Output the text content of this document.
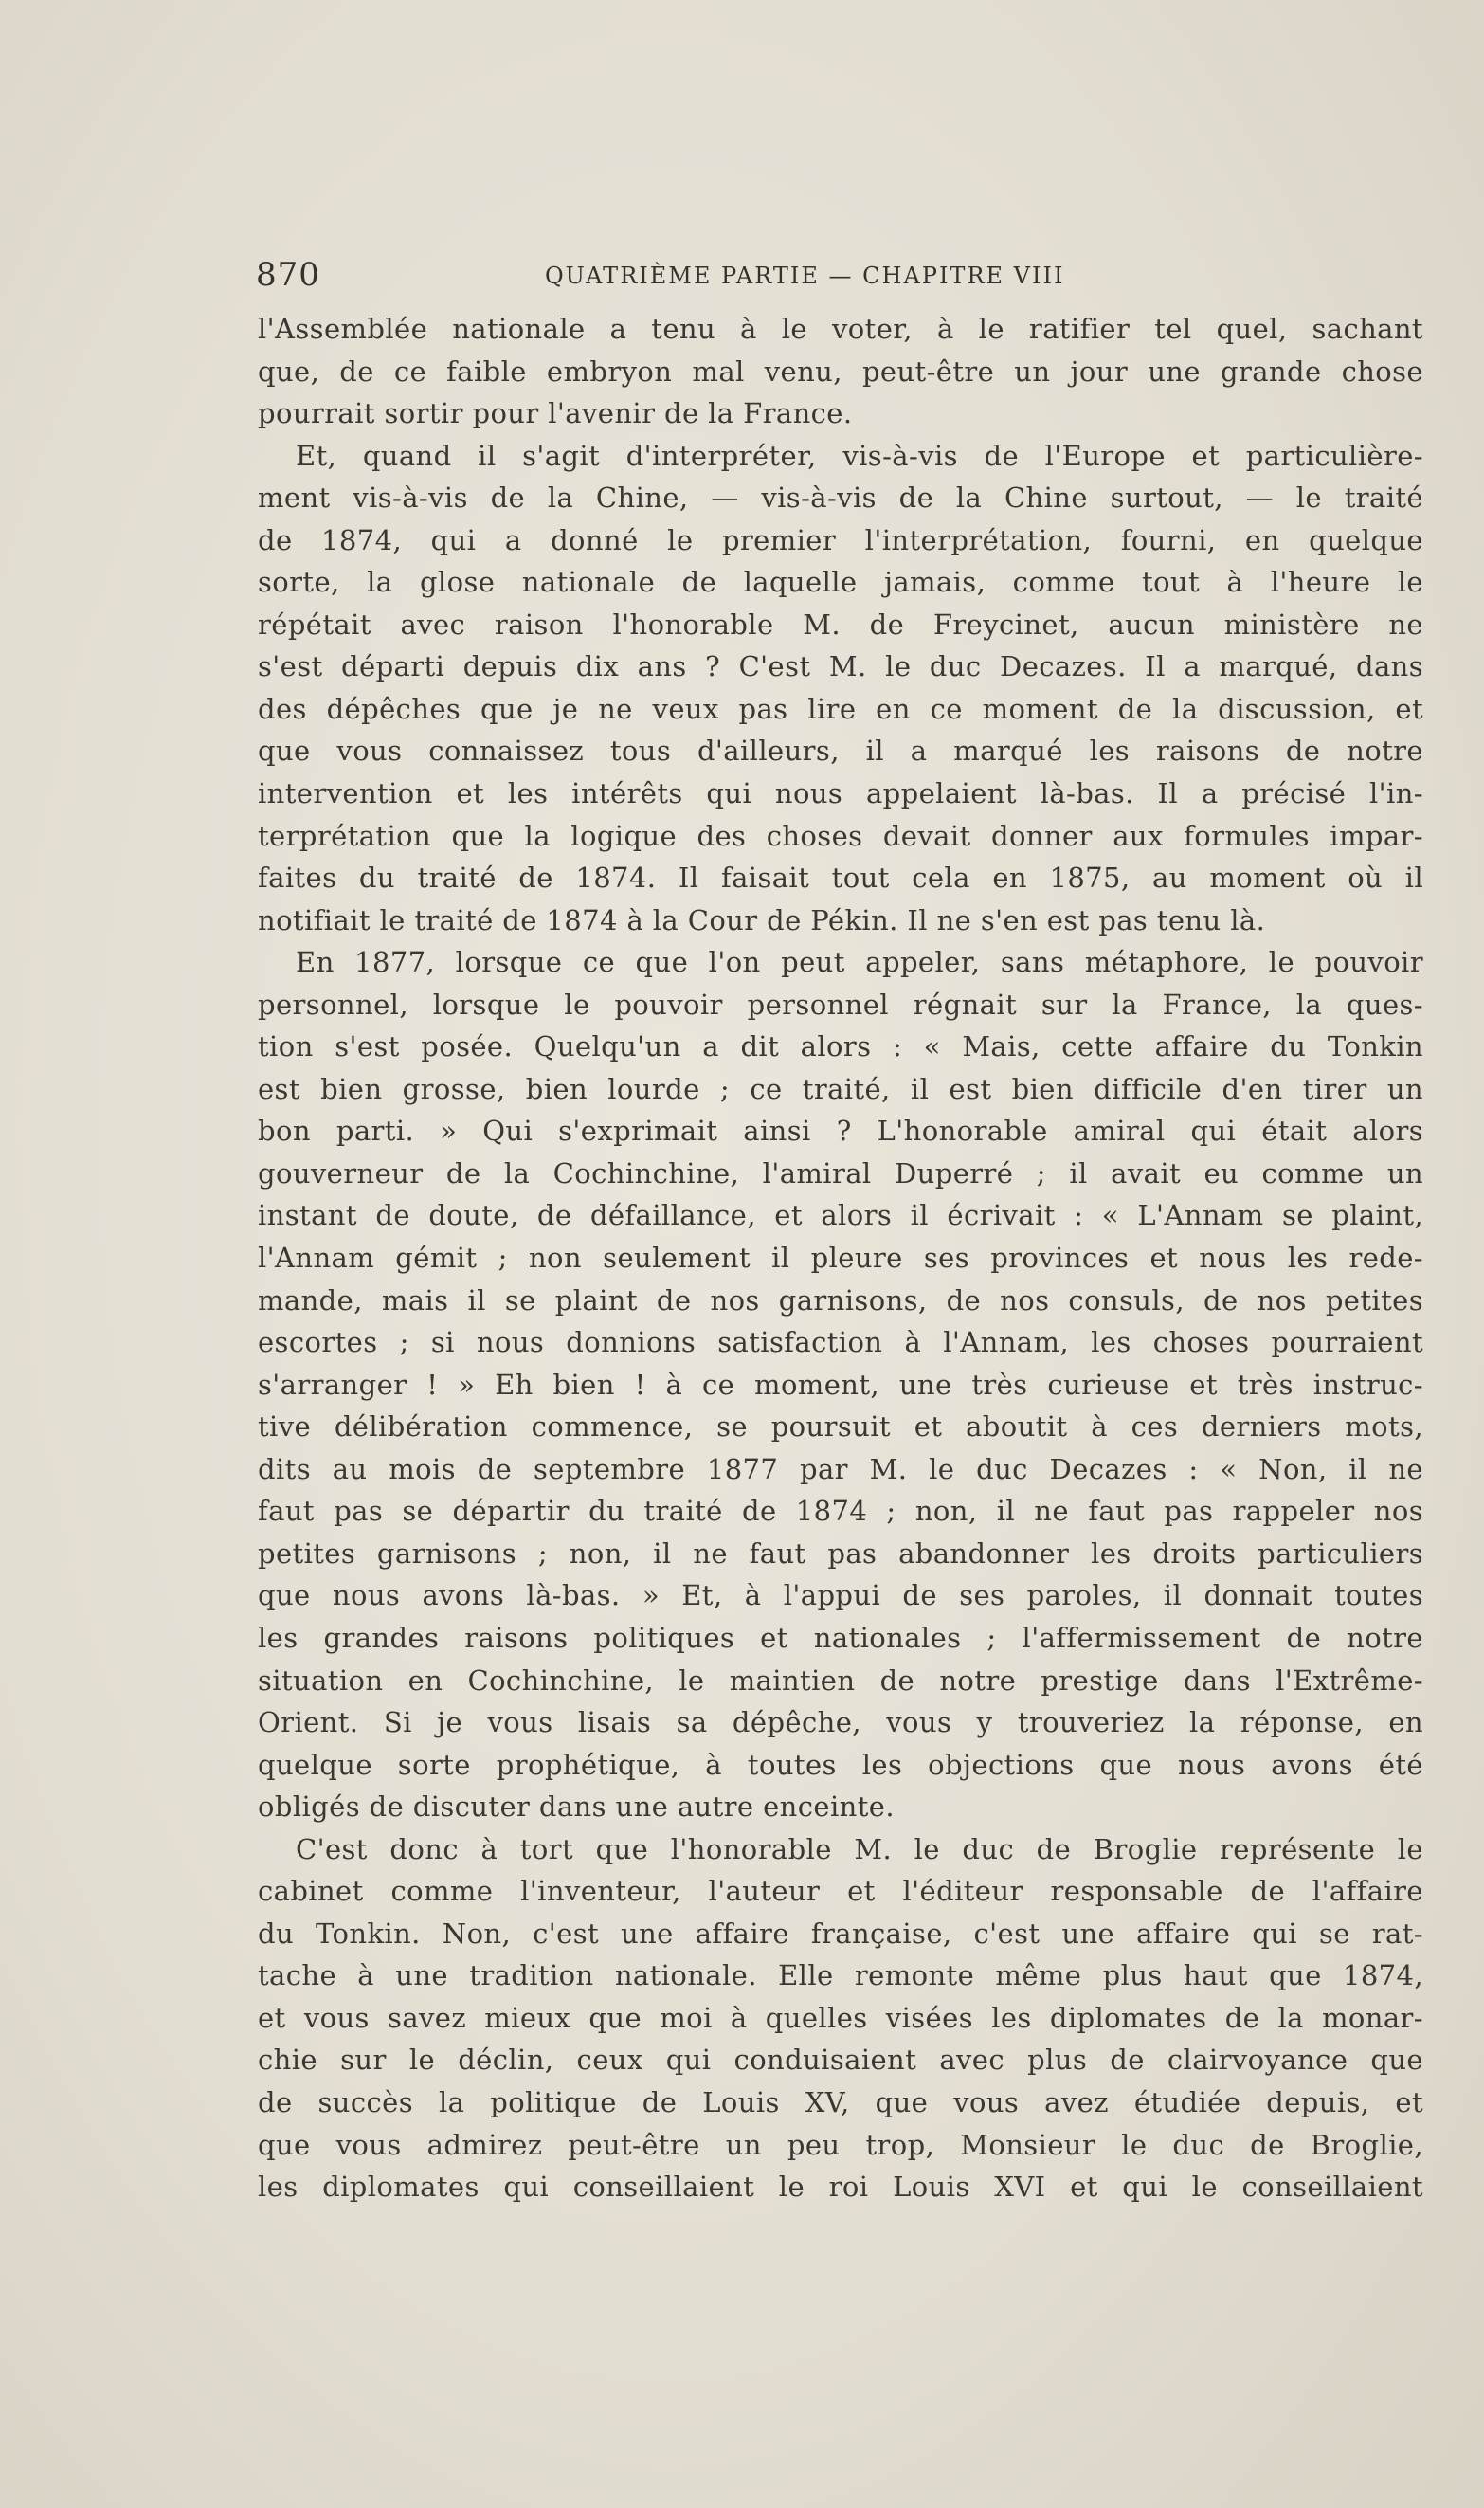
870	QUATRIÈME PARTIE — CHAPITRE VIII
l'Assemblée nationale a tenu à le voter, à le ratifier tel quel, sachant
que, de ce faible embryon mal venu, peut-être un jour une grande chose
pourrait sortir pour l'avenir de la France.
Et, quand il s'agit d'interpréter, vis-à-vis de l'Europe et particulière-
ment vis-à-vis de la Chine, — vis-à-vis de la Chine surtout, — le traité
de 1874, qui a donné le premier l'interprétation, fourni, en quelque
sorte, la glose nationale de laquelle jamais, comme tout à l'heure le
répétait avec raison l'honorable M. de Freycinet, aucun ministère ne
s'est départi depuis dix ans ? C'est M. le duc Decazes. Il a marqué, dans
des dépêches que je ne veux pas lire en ce moment de la discussion, et
que vous connaissez tous d'ailleurs, il a marqué les raisons de notre
intervention et les intérêts qui nous appelaient là-bas. Il a précisé l'in-
terprétation que la logique des choses devait donner aux formules impar-
faites du traité de 1874. Il faisait tout cela en 1875, au moment où il
notifiait le traité de 1874 à la Cour de Pékin. Il ne s'en est pas tenu là.
En 1877, lorsque ce que l'on peut appeler, sans métaphore, le pouvoir
personnel, lorsque le pouvoir personnel régnait sur la France, la ques-
tion s'est posée. Quelqu'un a dit alors : « Mais, cette affaire du Tonkin
est bien grosse, bien lourde ; ce traité, il est bien difficile d'en tirer un
bon parti. » Qui s'exprimait ainsi ? L'honorable amiral qui était alors
gouverneur de la Cochinchine, l'amiral Duperré ; il avait eu comme un
instant de doute, de défaillance, et alors il écrivait : « L'Annam se plaint,
l'Annam gémit ; non seulement il pleure ses provinces et nous les rede-
mande, mais il se plaint de nos garnisons, de nos consuls, de nos petites
escortes ; si nous donnions satisfaction à l'Annam, les choses pourraient
s'arranger ! » Eh bien ! à ce moment, une très curieuse et très instruc-
tive délibération commence, se poursuit et aboutit à ces derniers mots,
dits au mois de septembre 1877 par M. le duc Decazes : « Non, il ne
faut pas se départir du traité de 1874 ; non, il ne faut pas rappeler nos
petites garnisons ; non, il ne faut pas abandonner les droits particuliers
que nous avons là-bas. » Et, à l'appui de ses paroles, il donnait toutes
les grandes raisons politiques et nationales ; l'affermissement de notre
situation en Cochinchine, le maintien de notre prestige dans l'Extrême-
Orient. Si je vous lisais sa dépêche, vous y trouveriez la réponse, en
quelque sorte prophétique, à toutes les objections que nous avons été
obligés de discuter dans une autre enceinte.
C'est donc à tort que l'honorable M. le duc de Broglie représente le
cabinet comme l'inventeur, l'auteur et l'éditeur responsable de l'affaire
du Tonkin. Non, c'est une affaire française, c'est une affaire qui se rat-
tache à une tradition nationale. Elle remonte même plus haut que 1874,
et vous savez mieux que moi à quelles visées les diplomates de la monar-
chie sur le déclin, ceux qui conduisaient avec plus de clairvoyance que
de succès la politique de Louis XV, que vous avez étudiée depuis, et
que vous admirez peut-être un peu trop, Monsieur le duc de Broglie,
les diplomates qui conseillaient le roi Louis XVI et qui le conseillaient
